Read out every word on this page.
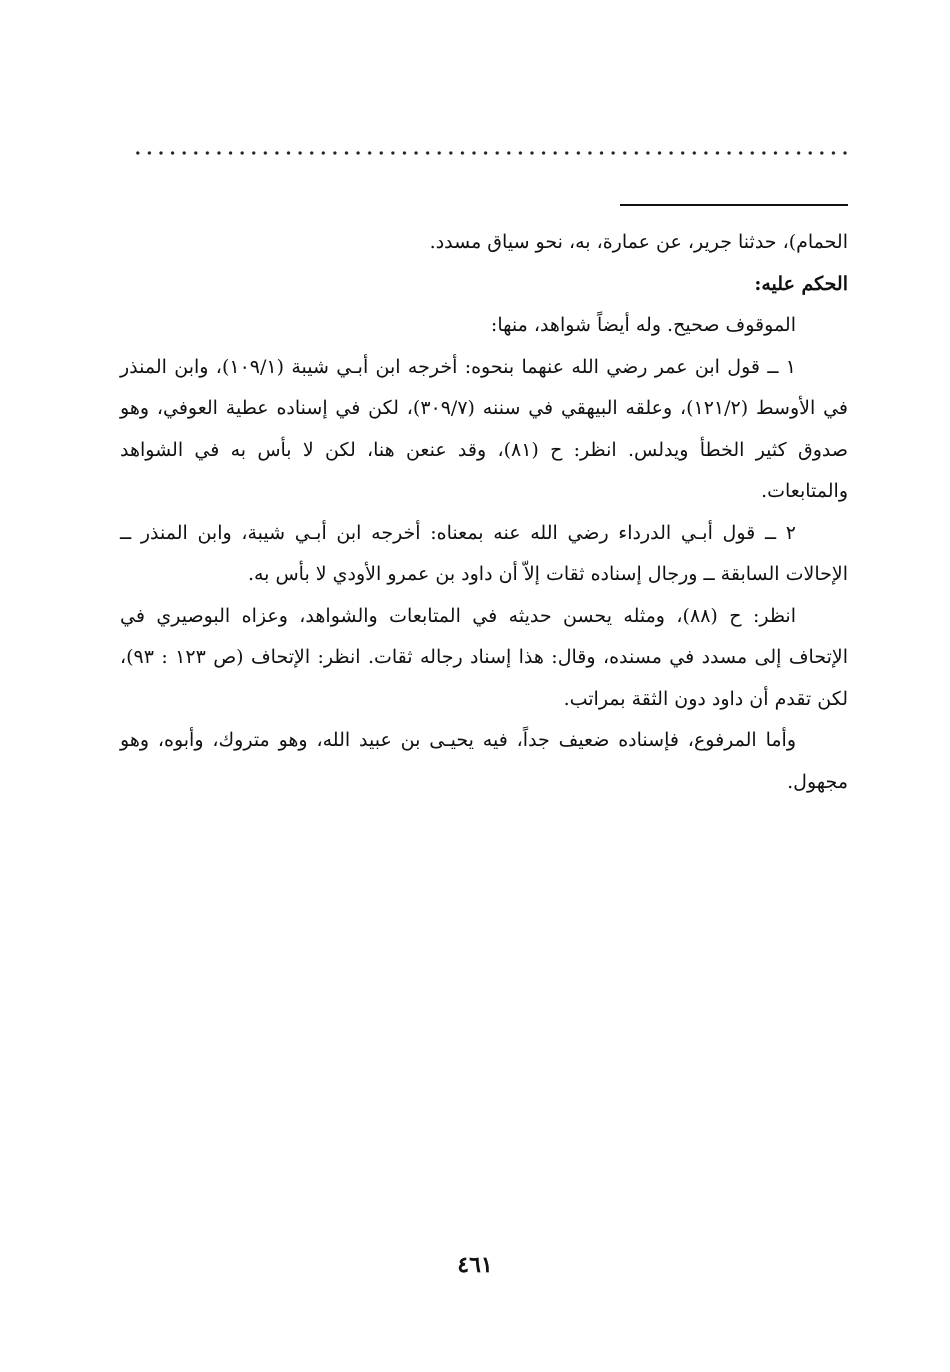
الحمام)، حدثنا جرير، عن عمارة، به، نحو سياق مسدد.

الحكم عليه:

الموقوف صحيح. وله أيضاً شواهد، منها:

١ ــ قول ابن عمر رضي الله عنهما بنحوه: أخرجه ابن أبـي شيبة (١٠٩/١)، وابن المنذر في الأوسط (١٢١/٢)، وعلقه البيهقي في سننه (٣٠٩/٧)، لكن في إسناده عطية العوفي، وهو صدوق كثير الخطأ ويدلس. انظر: ح (٨١)، وقد عنعن هنا، لكن لا بأس به في الشواهد والمتابعات.

٢ ــ قول أبـي الدرداء رضي الله عنه بمعناه: أخرجه ابن أبـي شيبة، وابن المنذر ــ الإحالات السابقة ــ ورجال إسناده ثقات إلاّ أن داود بن عمرو الأودي لا بأس به.

انظر: ح (٨٨)، ومثله يحسن حديثه في المتابعات والشواهد، وعزاه البوصيري في الإتحاف إلى مسدد في مسنده، وقال: هذا إسناد رجاله ثقات. انظر: الإتحاف (ص ١٢٣ : ٩٣)، لكن تقدم أن داود دون الثقة بمراتب.

وأما المرفوع، فإسناده ضعيف جداً، فيه يحيـى بن عبيد الله، وهو متروك، وأبوه، وهو مجهول.

٤٦١
